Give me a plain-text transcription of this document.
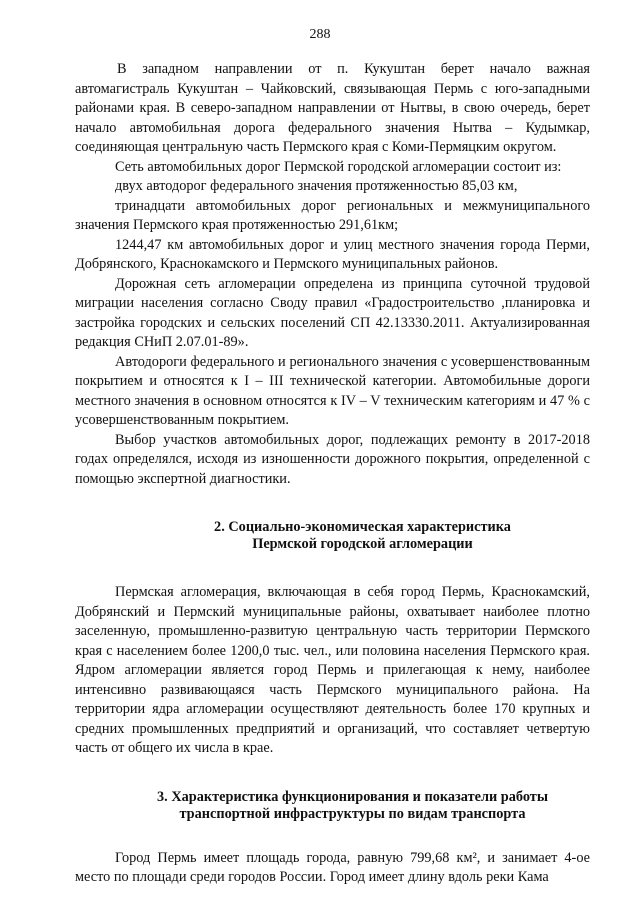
288

В западном направлении от п. Кукуштан берет начало важная автомагистраль Кукуштан – Чайковский, связывающая Пермь с юго-западными районами края. В северо-западном направлении от Нытвы, в свою очередь, берет начало автомобильная дорога федерального значения Нытва – Кудымкар, соединяющая центральную часть Пермского края с Коми-Пермяцким округом.

Сеть автомобильных дорог Пермской городской агломерации состоит из:

двух автодорог федерального значения протяженностью 85,03 км,

тринадцати автомобильных дорог региональных и межмуниципального значения Пермского края протяженностью 291,61км;

1244,47 км автомобильных дорог и улиц местного значения города Перми, Добрянского, Краснокамского и Пермского муниципальных районов.

Дорожная сеть агломерации определена из принципа суточной трудовой миграции населения согласно Своду правил «Градостроительство ,планировка и застройка городских и сельских поселений СП 42.13330.2011. Актуализированная редакция СНиП 2.07.01-89».

Автодороги федерального и регионального значения с усовершенствованным покрытием и относятся к I – III технической категории. Автомобильные дороги местного значения в основном относятся к IV – V техническим категориям и 47 % с усовершенствованным покрытием.

Выбор участков автомобильных дорог, подлежащих ремонту в 2017-2018 годах определялся, исходя из изношенности дорожного покрытия, определенной с помощью экспертной диагностики.

2. Социально-экономическая характеристика
Пермской городской агломерации

Пермская агломерация, включающая в себя город Пермь, Краснокамский, Добрянский и Пермский муниципальные районы, охватывает наиболее плотно заселенную, промышленно-развитую центральную часть территории Пермского края с населением более 1200,0 тыс. чел., или половина населения Пермского края. Ядром агломерации является город Пермь и прилегающая к нему, наиболее интенсивно развивающаяся часть Пермского муниципального района. На территории ядра агломерации осуществляют деятельность более 170 крупных и средних промышленных предприятий и организаций, что составляет четвертую часть от общего их числа в крае.

3. Характеристика функционирования и показатели работы
транспортной инфраструктуры по видам транспорта

Город Пермь имеет площадь города, равную 799,68 км², и занимает 4-ое место по площади среди городов России. Город имеет длину вдоль реки Кама
